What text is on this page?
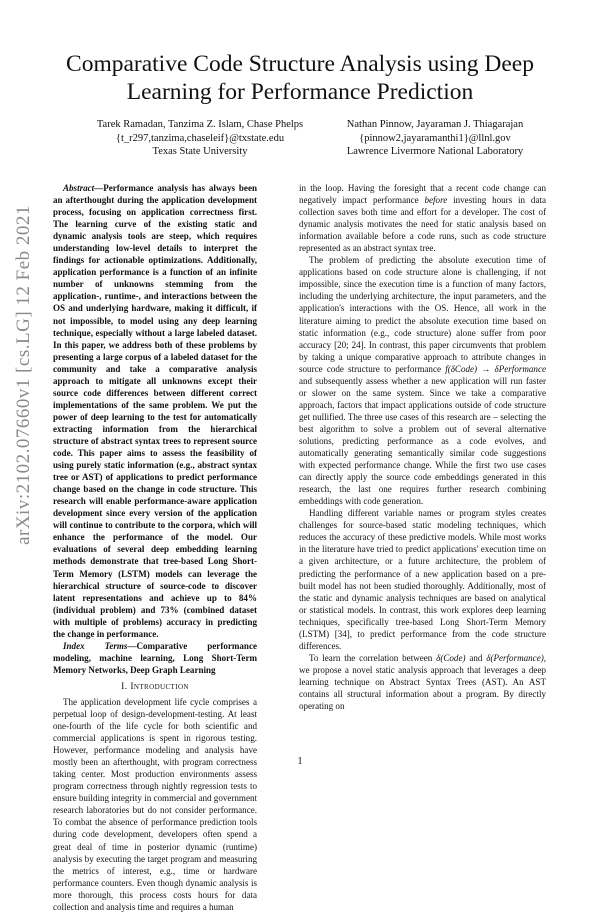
arXiv:2102.07660v1 [cs.LG] 12 Feb 2021
Comparative Code Structure Analysis using Deep Learning for Performance Prediction
Tarek Ramadan, Tanzima Z. Islam, Chase Phelps
{t_r297,tanzima,chaseleif}@txstate.edu
Texas State University
Nathan Pinnow, Jayaraman J. Thiagarajan
{pinnow2,jayaramanthi1}@llnl.gov
Lawrence Livermore National Laboratory

Abstract—Performance analysis has always been an afterthought during the application development process, focusing on application correctness first. The learning curve of the existing static and dynamic analysis tools are steep, which requires understanding low-level details to interpret the findings for actionable optimizations. Additionally, application performance is a function of an infinite number of unknowns stemming from the application-, runtime-, and interactions between the OS and underlying hardware, making it difficult, if not impossible, to model using any deep learning technique, especially without a large labeled dataset. In this paper, we address both of these problems by presenting a large corpus of a labeled dataset for the community and take a comparative analysis approach to mitigate all unknowns except their source code differences between different correct implementations of the same problem. We put the power of deep learning to the test for automatically extracting information from the hierarchical structure of abstract syntax trees to represent source code. This paper aims to assess the feasibility of using purely static information (e.g., abstract syntax tree or AST) of applications to predict performance change based on the change in code structure. This research will enable performance-aware application development since every version of the application will continue to contribute to the corpora, which will enhance the performance of the model. Our evaluations of several deep embedding learning methods demonstrate that tree-based Long Short-Term Memory (LSTM) models can leverage the hierarchical structure of source-code to discover latent representations and achieve up to 84% (individual problem) and 73% (combined dataset with multiple of problems) accuracy in predicting the change in performance.

Index Terms—Comparative performance modeling, machine learning, Long Short-Term Memory Networks, Deep Graph Learning

I. Introduction

The application development life cycle comprises a perpetual loop of design-development-testing. At least one-fourth of the life cycle for both scientific and commercial applications is spent in rigorous testing. However, performance modeling and analysis have mostly been an afterthought, with program correctness taking center. Most production environments assess program correctness through nightly regression tests to ensure building integrity in commercial and government research laboratories but do not consider performance. To combat the absence of performance prediction tools during code development, developers often spend a great deal of time in posterior dynamic (runtime) analysis by executing the target program and measuring the metrics of interest, e.g., time or hardware performance counters. Even though dynamic analysis is more thorough, this process costs hours for data collection and analysis time and requires a human

in the loop. Having the foresight that a recent code change can negatively impact performance before investing hours in data collection saves both time and effort for a developer. The cost of dynamic analysis motivates the need for static analysis based on information available before a code runs, such as code structure represented as an abstract syntax tree.

The problem of predicting the absolute execution time of applications based on code structure alone is challenging, if not impossible, since the execution time is a function of many factors, including the underlying architecture, the input parameters, and the application's interactions with the OS. Hence, all work in the literature aiming to predict the absolute execution time based on static information (e.g., code structure) alone suffer from poor accuracy [20; 24]. In contrast, this paper circumvents that problem by taking a unique comparative approach to attribute changes in source code structure to performance f(δCode) → δPerformance and subsequently assess whether a new application will run faster or slower on the same system. Since we take a comparative approach, factors that impact applications outside of code structure get nullified. The three use cases of this research are – selecting the best algorithm to solve a problem out of several alternative solutions, predicting performance as a code evolves, and automatically generating semantically similar code suggestions with expected performance change. While the first two use cases can directly apply the source code embeddings generated in this research, the last one requires further research combining embeddings with code generation.

Handling different variable names or program styles creates challenges for source-based static modeling techniques, which reduces the accuracy of these predictive models. While most works in the literature have tried to predict applications' execution time on a given architecture, or a future architecture, the problem of predicting the performance of a new application based on a pre-built model has not been studied thoroughly. Additionally, most of the static and dynamic analysis techniques are based on analytical or statistical models. In contrast, this work explores deep learning techniques, specifically tree-based Long Short-Term Memory (LSTM) [34], to predict performance from the code structure differences.

To learn the correlation between δ(Code) and δ(Performance), we propose a novel static analysis approach that leverages a deep learning technique on Abstract Syntax Trees (AST). An AST contains all structural information about a program. By directly operating on

1
